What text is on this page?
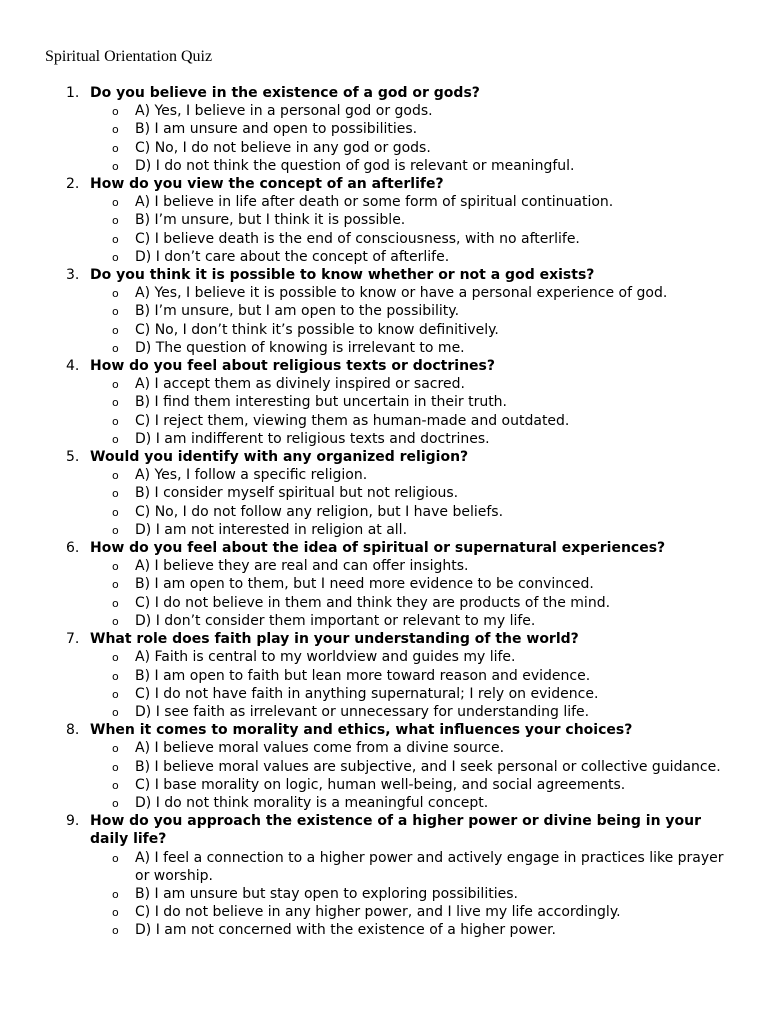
Spiritual Orientation Quiz
1. Do you believe in the existence of a god or gods?
o A) Yes, I believe in a personal god or gods.
o B) I am unsure and open to possibilities.
o C) No, I do not believe in any god or gods.
o D) I do not think the question of god is relevant or meaningful.
2. How do you view the concept of an afterlife?
o A) I believe in life after death or some form of spiritual continuation.
o B) I’m unsure, but I think it is possible.
o C) I believe death is the end of consciousness, with no afterlife.
o D) I don’t care about the concept of afterlife.
3. Do you think it is possible to know whether or not a god exists?
o A) Yes, I believe it is possible to know or have a personal experience of god.
o B) I’m unsure, but I am open to the possibility.
o C) No, I don’t think it’s possible to know definitively.
o D) The question of knowing is irrelevant to me.
4. How do you feel about religious texts or doctrines?
o A) I accept them as divinely inspired or sacred.
o B) I find them interesting but uncertain in their truth.
o C) I reject them, viewing them as human-made and outdated.
o D) I am indifferent to religious texts and doctrines.
5. Would you identify with any organized religion?
o A) Yes, I follow a specific religion.
o B) I consider myself spiritual but not religious.
o C) No, I do not follow any religion, but I have beliefs.
o D) I am not interested in religion at all.
6. How do you feel about the idea of spiritual or supernatural experiences?
o A) I believe they are real and can offer insights.
o B) I am open to them, but I need more evidence to be convinced.
o C) I do not believe in them and think they are products of the mind.
o D) I don’t consider them important or relevant to my life.
7. What role does faith play in your understanding of the world?
o A) Faith is central to my worldview and guides my life.
o B) I am open to faith but lean more toward reason and evidence.
o C) I do not have faith in anything supernatural; I rely on evidence.
o D) I see faith as irrelevant or unnecessary for understanding life.
8. When it comes to morality and ethics, what influences your choices?
o A) I believe moral values come from a divine source.
o B) I believe moral values are subjective, and I seek personal or collective guidance.
o C) I base morality on logic, human well-being, and social agreements.
o D) I do not think morality is a meaningful concept.
9. How do you approach the existence of a higher power or divine being in your daily life?
o A) I feel a connection to a higher power and actively engage in practices like prayer or worship.
o B) I am unsure but stay open to exploring possibilities.
o C) I do not believe in any higher power, and I live my life accordingly.
o D) I am not concerned with the existence of a higher power.
